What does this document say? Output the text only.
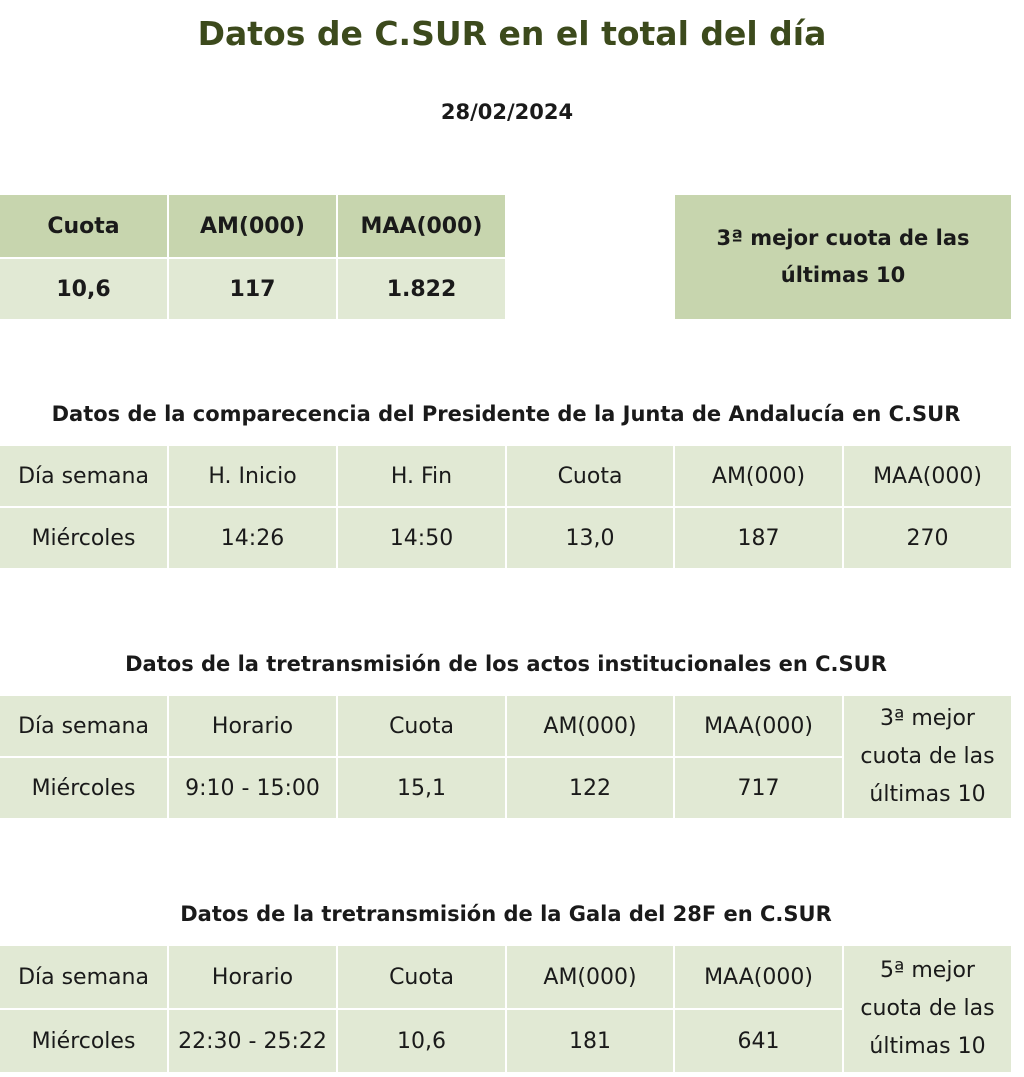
Datos de C.SUR en el total del día
28/02/2024
Cuota	AM(000)	MAA(000)
10,6	117	1.822
3ª mejor cuota de las
últimas 10
Datos de la comparecencia del Presidente de la Junta de Andalucía en C.SUR
Día semana	H. Inicio	H. Fin	Cuota	AM(000)	MAA(000)
Miércoles	14:26	14:50	13,0	187	270
Datos de la tretransmisión de los actos institucionales en C.SUR
Día semana	Horario	Cuota	AM(000)	MAA(000)
Miércoles	9:10 - 15:00	15,1	122	717
3ª mejor
cuota de las
últimas 10
Datos de la tretransmisión de la Gala del 28F en C.SUR
Día semana	Horario	Cuota	AM(000)	MAA(000)
Miércoles	22:30 - 25:22	10,6	181	641
5ª mejor
cuota de las
últimas 10
